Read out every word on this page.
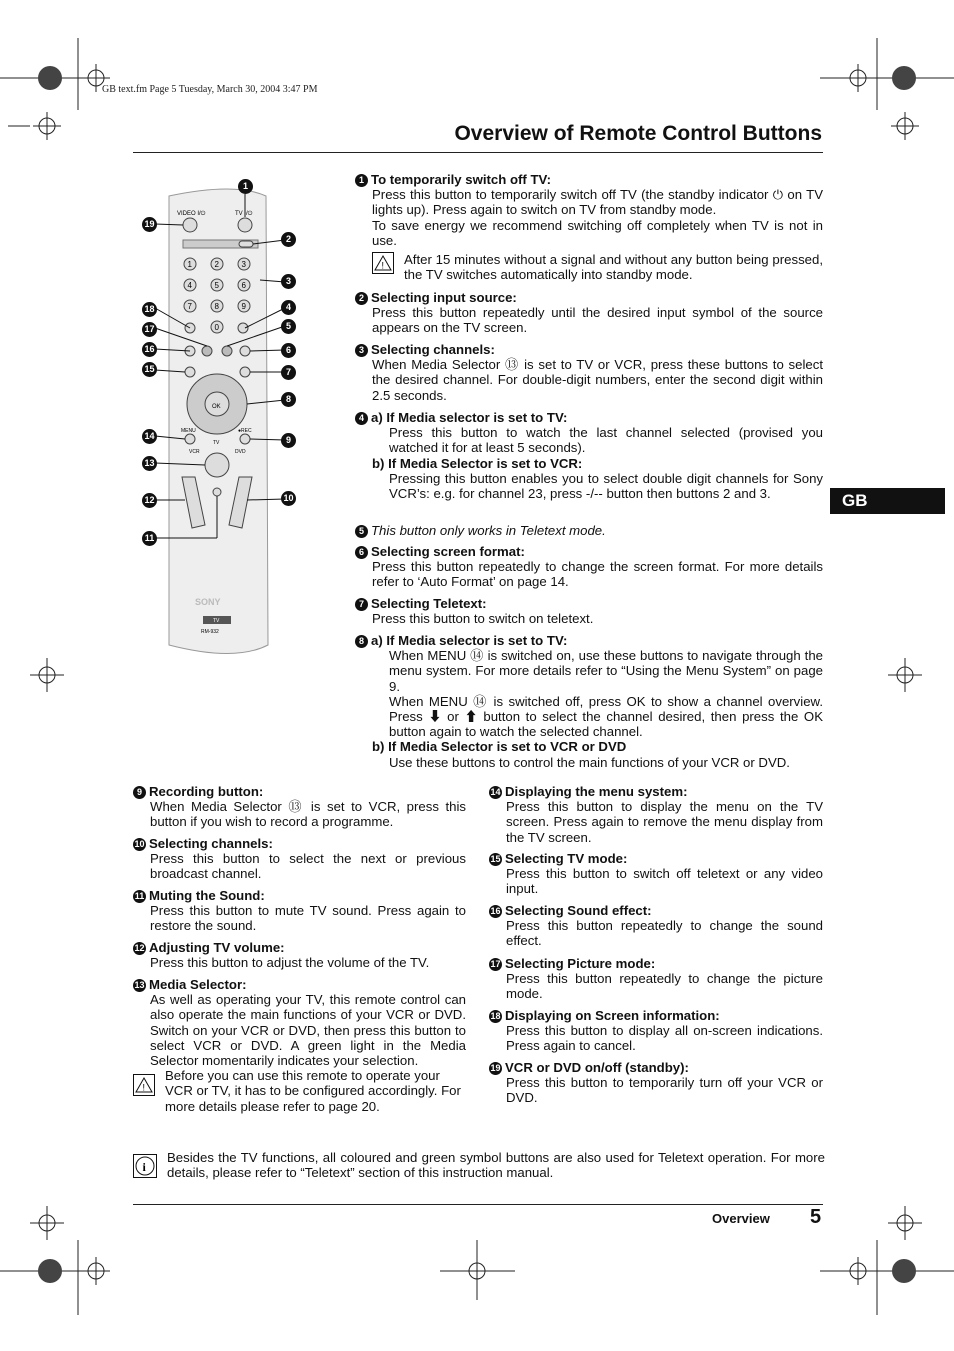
GB text.fm Page 5 Tuesday, March 30, 2004 3:47 PM
Overview of Remote Control Buttons
GB
VIDEO I/⏻	TV I/⏻
1	2	3
4	5	6
7	8	9
0
OK
MENU	●REC
TV
VCR	DVD
SONY
TV
RM-932
1
2
3
4
5
6
7
8
9
10
11
12
13
14
15
16
17
18
19

1 To temporarily switch off TV:

Press this button to temporarily switch off TV (the standby indicator ⏻ on TV lights up). Press again to switch on TV from standby mode.

To save energy we recommend switching off completely when TV is not in use.

! After 15 minutes without a signal and without any button being pressed, the TV switches automatically into standby mode.

2 Selecting input source:

Press this button repeatedly until the desired input symbol of the source appears on the TV screen.

3 Selecting channels:

When Media Selector ⑬ is set to TV or VCR, press these buttons to select the desired channel. For double-digit numbers, enter the second digit within 2.5 seconds.

4 a) If Media selector is set to TV:

Press this button to watch the last channel selected (provised you watched it for at least 5 seconds).

b) If Media Selector is set to VCR:

Pressing this button enables you to select double digit channels for Sony VCR’s: e.g. for channel 23, press -/-- button then buttons 2 and 3.

5 This button only works in Teletext mode.

6 Selecting screen format:

Press this button repeatedly to change the screen format. For more details refer to ‘Auto Format’ on page 14.

7 Selecting Teletext:

Press this button to switch on teletext.

8 a) If Media selector is set to TV:

When MENU ⑭ is switched on, use these buttons to navigate through the menu system. For more details refer to “Using the Menu System” on page 9.

When MENU ⑭ is switched off, press OK to show a channel overview. Press ⬇ or ⬆ button to select the channel desired, then press the OK button again to watch the selected channel.

b) If Media Selector is set to VCR or DVD

Use these buttons to control the main functions of your VCR or DVD.

9 Recording button:

When Media Selector ⑬ is set to VCR, press this button if you wish to record a programme.

10 Selecting channels:

Press this button to select the next or previous broadcast channel.

11 Muting the Sound:

Press this button to mute TV sound. Press again to restore the sound.

12 Adjusting TV volume:

Press this button to adjust the volume of the TV.

13 Media Selector:

As well as operating your TV, this remote control can also operate the main functions of your VCR or DVD. Switch on your VCR or DVD, then press this button to select VCR or DVD. A green light in the Media Selector momentarily indicates your selection.

!

Before you can use this remote to operate your VCR or TV, it has to be configured accordingly. For more details please refer to page 20.

14 Displaying the menu system:

Press this button to display the menu on the TV screen. Press again to remove the menu display from the TV screen.

15 Selecting TV mode:

Press this button to switch off teletext or any video input.

16 Selecting Sound effect:

Press this button repeatedly to change the sound effect.

17 Selecting Picture mode:

Press this button repeatedly to change the picture mode.

18 Displaying on Screen information:

Press this button to display all on-screen indications. Press again to cancel.

19 VCR or DVD on/off (standby):

Press this button to temporarily turn off your VCR or DVD.

i

Besides the TV functions, all coloured and green symbol buttons are also used for Teletext operation. For more details, please refer to “Teletext” section of this instruction manual.

Overview 5
